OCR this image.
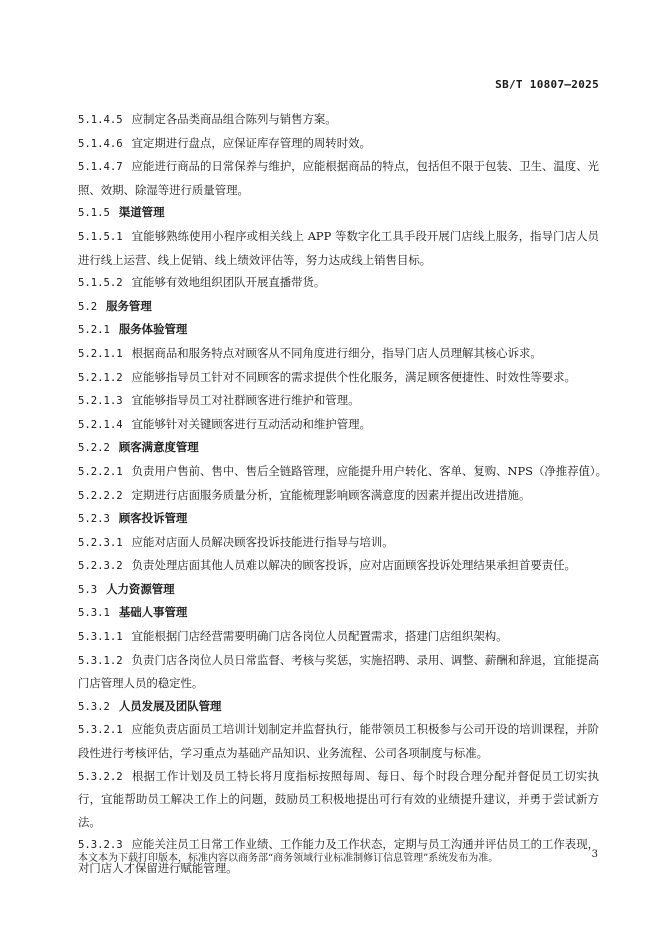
SB/T 10807—2025
5.1.4.5 应制定各品类商品组合陈列与销售方案。
5.1.4.6 宜定期进行盘点，应保证库存管理的周转时效。
5.1.4.7 应能进行商品的日常保养与维护，应能根据商品的特点，包括但不限于包装、卫生、温度、光照、效期、除湿等进行质量管理。
5.1.5 渠道管理
5.1.5.1 宜能够熟练使用小程序或相关线上 APP 等数字化工具手段开展门店线上服务，指导门店人员进行线上运营、线上促销、线上绩效评估等，努力达成线上销售目标。
5.1.5.2 宜能够有效地组织团队开展直播带货。
5.2 服务管理
5.2.1 服务体验管理
5.2.1.1 根据商品和服务特点对顾客从不同角度进行细分，指导门店人员理解其核心诉求。
5.2.1.2 应能够指导员工针对不同顾客的需求提供个性化服务，满足顾客便捷性、时效性等要求。
5.2.1.3 宜能够指导员工对社群顾客进行维护和管理。
5.2.1.4 宜能够针对关键顾客进行互动活动和维护管理。
5.2.2 顾客满意度管理
5.2.2.1 负责用户售前、售中、售后全链路管理，应能提升用户转化、客单、复购、NPS（净推荐值）。
5.2.2.2 定期进行店面服务质量分析，宜能梳理影响顾客满意度的因素并提出改进措施。
5.2.3 顾客投诉管理
5.2.3.1 应能对店面人员解决顾客投诉技能进行指导与培训。
5.2.3.2 负责处理店面其他人员难以解决的顾客投诉，应对店面顾客投诉处理结果承担首要责任。
5.3 人力资源管理
5.3.1 基础人事管理
5.3.1.1 宜能根据门店经营需要明确门店各岗位人员配置需求，搭建门店组织架构。
5.3.1.2 负责门店各岗位人员日常监督、考核与奖惩，实施招聘、录用、调整、薪酬和辞退，宜能提高门店管理人员的稳定性。
5.3.2 人员发展及团队管理
5.3.2.1 应能负责店面员工培训计划制定并监督执行，能带领员工积极参与公司开设的培训课程，并阶段性进行考核评估，学习重点为基础产品知识、业务流程、公司各项制度与标准。
5.3.2.2 根据工作计划及员工特长将月度指标按照每周、每日、每个时段合理分配并督促员工切实执行，宜能帮助员工解决工作上的问题，鼓励员工积极地提出可行有效的业绩提升建议，并勇于尝试新方法。
5.3.2.3 应能关注员工日常工作业绩、工作能力及工作状态，定期与员工沟通并评估员工的工作表现，对门店人才保留进行赋能管理。
本文本为下载打印版本，标准内容以商务部“商务领域行业标准制修订信息管理”系统发布为准。	3
